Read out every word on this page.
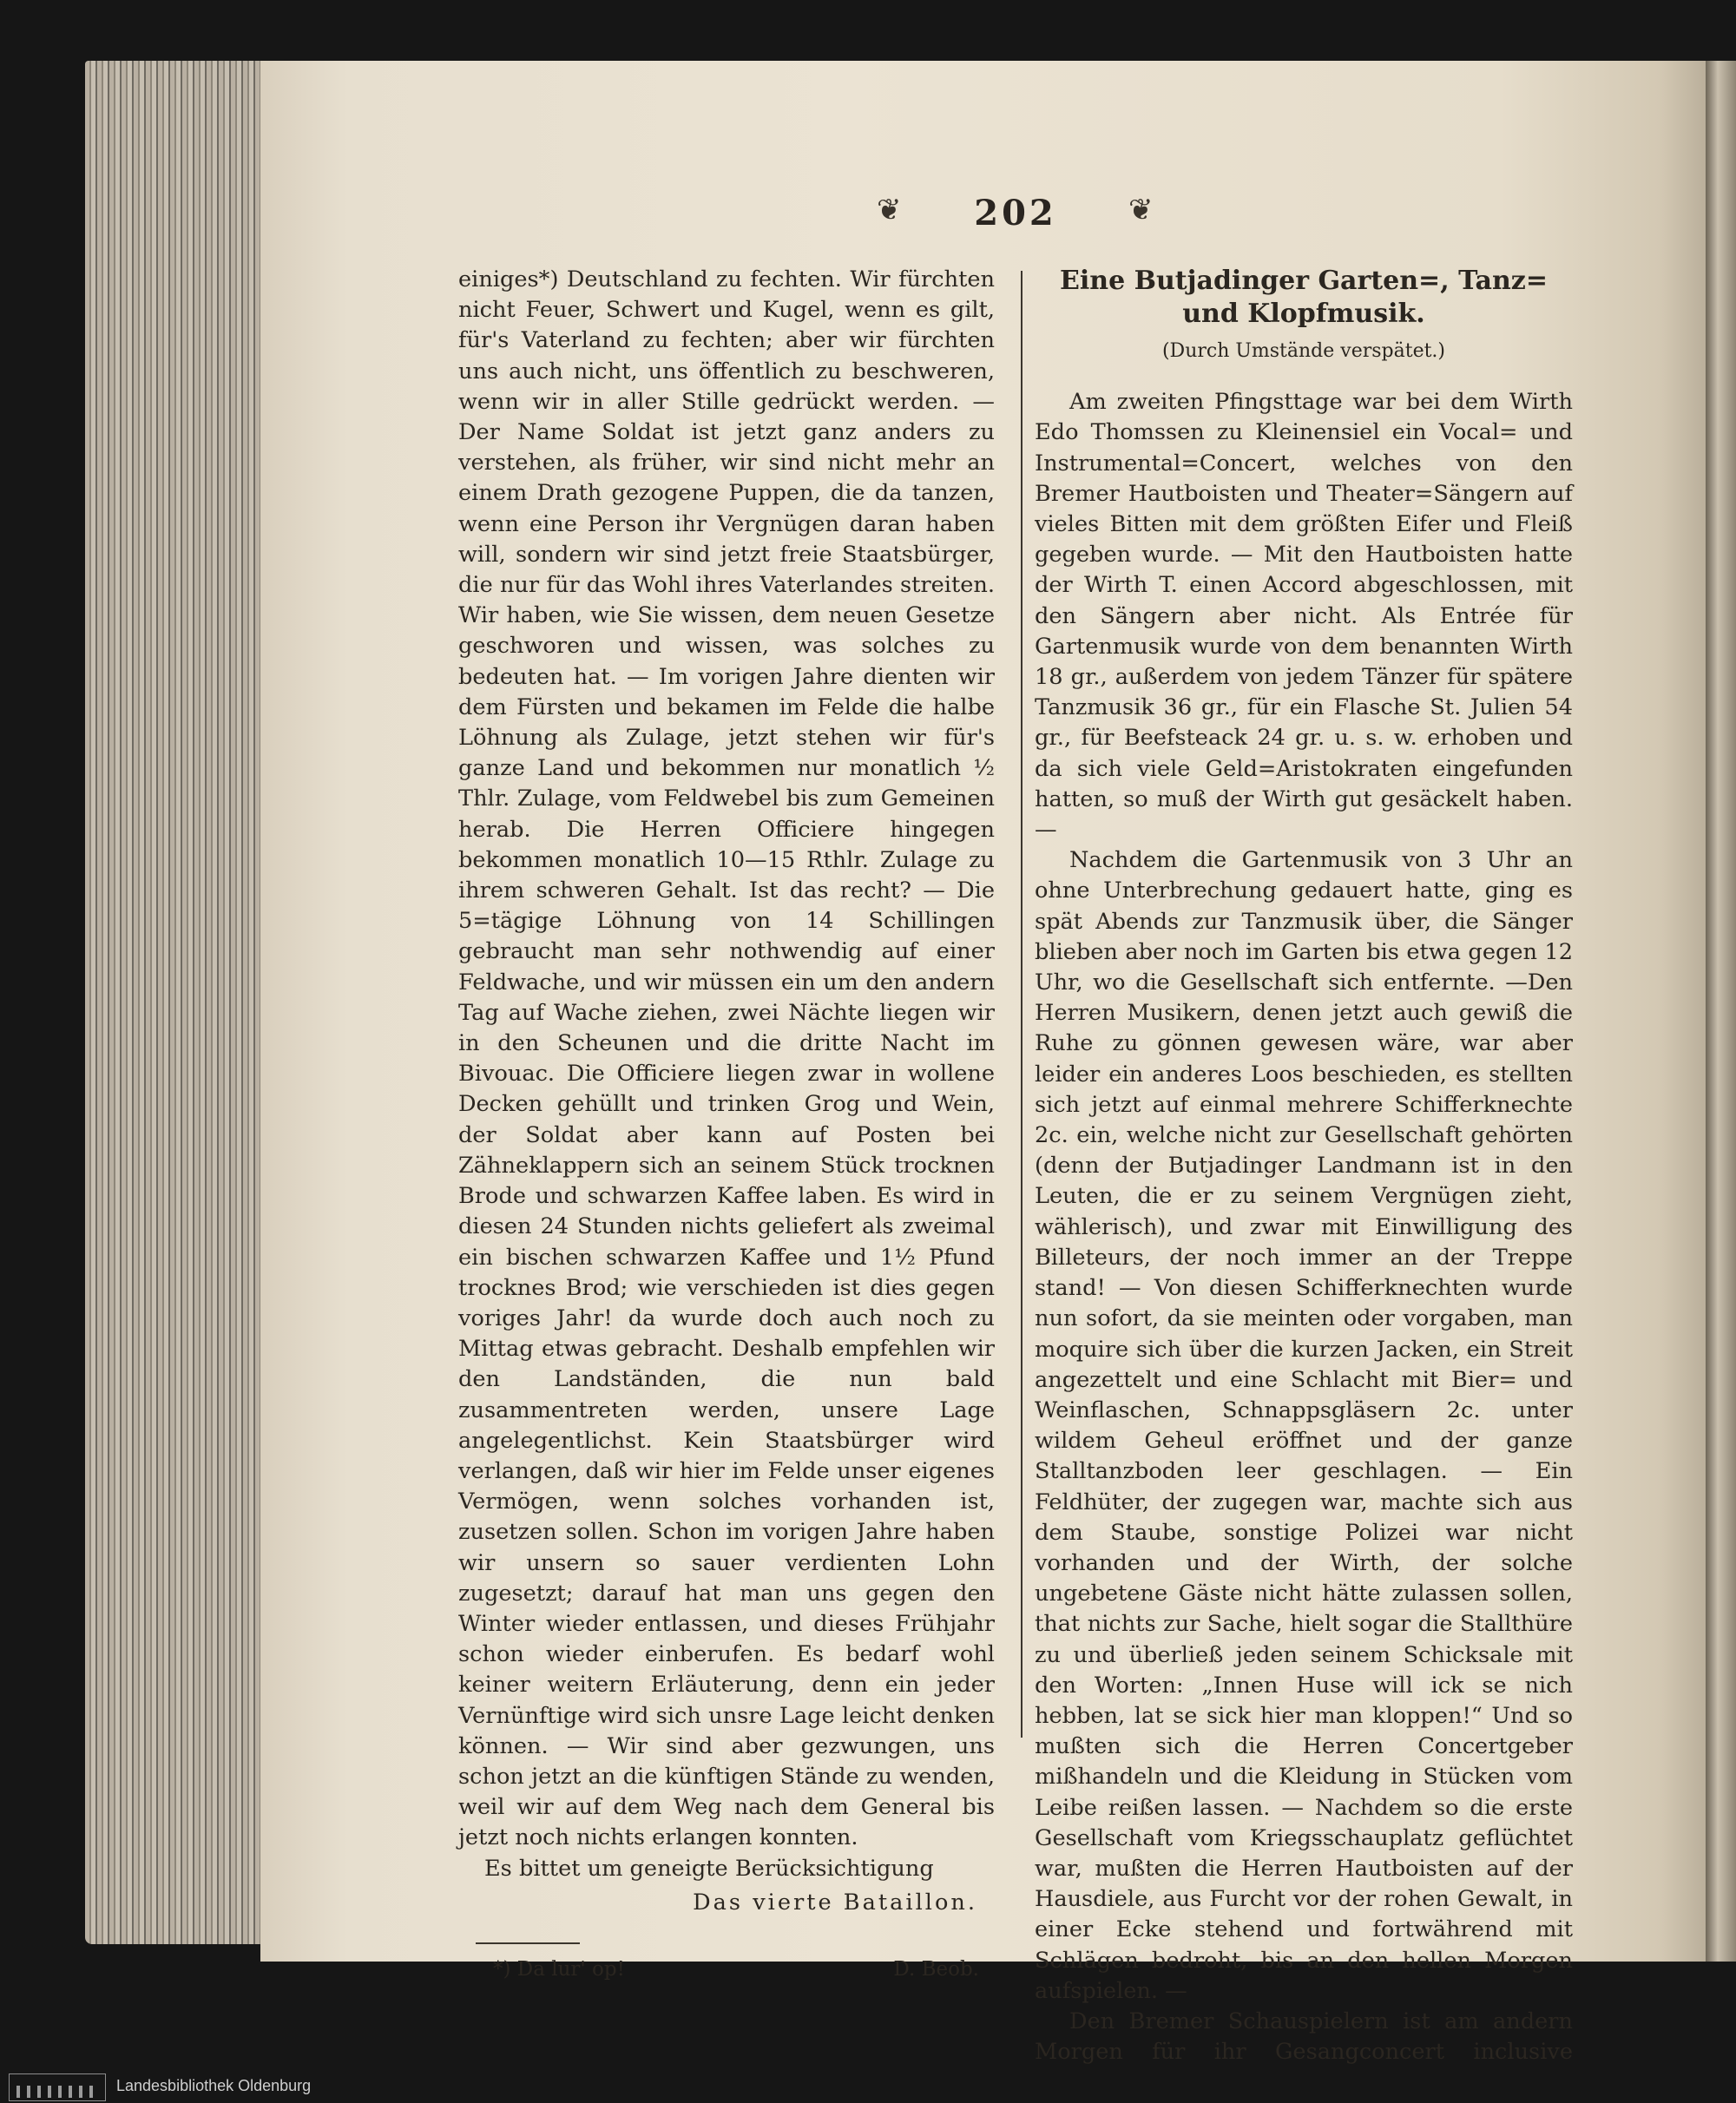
❦	202	❦

einiges*) Deutschland zu fechten. Wir fürchten nicht Feuer, Schwert und Kugel, wenn es gilt, für's Vaterland zu fechten; aber wir fürchten uns auch nicht, uns öffentlich zu beschweren, wenn wir in aller Stille gedrückt werden. — Der Name Soldat ist jetzt ganz anders zu verstehen, als früher, wir sind nicht mehr an einem Drath gezogene Puppen, die da tanzen, wenn eine Person ihr Vergnügen daran haben will, sondern wir sind jetzt freie Staatsbürger, die nur für das Wohl ihres Vaterlandes streiten. Wir haben, wie Sie wissen, dem neuen Gesetze geschworen und wissen, was solches zu bedeuten hat. — Im vorigen Jahre dienten wir dem Fürsten und bekamen im Felde die halbe Löhnung als Zulage, jetzt stehen wir für's ganze Land und bekommen nur monatlich ½ Thlr. Zulage, vom Feldwebel bis zum Gemeinen herab. Die Herren Officiere hingegen bekommen monatlich 10—15 Rthlr. Zulage zu ihrem schweren Gehalt. Ist das recht? — Die 5=tägige Löhnung von 14 Schillingen gebraucht man sehr nothwendig auf einer Feldwache, und wir müssen ein um den andern Tag auf Wache ziehen, zwei Nächte liegen wir in den Scheunen und die dritte Nacht im Bivouac. Die Officiere liegen zwar in wollene Decken gehüllt und trinken Grog und Wein, der Soldat aber kann auf Posten bei Zähneklappern sich an seinem Stück trocknen Brode und schwarzen Kaffee laben. Es wird in diesen 24 Stunden nichts geliefert als zweimal ein bischen schwarzen Kaffee und 1½ Pfund trocknes Brod; wie verschieden ist dies gegen voriges Jahr! da wurde doch auch noch zu Mittag etwas gebracht. Deshalb empfehlen wir den Landständen, die nun bald zusammentreten werden, unsere Lage angelegentlichst. Kein Staatsbürger wird verlangen, daß wir hier im Felde unser eigenes Vermögen, wenn solches vorhanden ist, zusetzen sollen. Schon im vorigen Jahre haben wir unsern so sauer verdienten Lohn zugesetzt; darauf hat man uns gegen den Winter wieder entlassen, und dieses Frühjahr schon wieder einberufen. Es bedarf wohl keiner weitern Erläuterung, denn ein jeder Vernünftige wird sich unsre Lage leicht denken können. — Wir sind aber gezwungen, uns schon jetzt an die künftigen Stände zu wenden, weil wir auf dem Weg nach dem General bis jetzt noch nichts erlangen konnten.

Es bittet um geneigte Berücksichtigung

Das vierte Bataillon.
*) Da lur' op!	D. Beob.
Eine Butjadinger Garten=, Tanz= und Klopfmusik.
(Durch Umstände verspätet.)

Am zweiten Pfingsttage war bei dem Wirth Edo Thomssen zu Kleinensiel ein Vocal= und Instrumental=Concert, welches von den Bremer Hautboisten und Theater=Sängern auf vieles Bitten mit dem größten Eifer und Fleiß gegeben wurde. — Mit den Hautboisten hatte der Wirth T. einen Accord abgeschlossen, mit den Sängern aber nicht. Als Entrée für Gartenmusik wurde von dem benannten Wirth 18 gr., außerdem von jedem Tänzer für spätere Tanzmusik 36 gr., für ein Flasche St. Julien 54 gr., für Beefsteack 24 gr. u. s. w. erhoben und da sich viele Geld=Aristokraten eingefunden hatten, so muß der Wirth gut gesäckelt haben. —

Nachdem die Gartenmusik von 3 Uhr an ohne Unterbrechung gedauert hatte, ging es spät Abends zur Tanzmusik über, die Sänger blieben aber noch im Garten bis etwa gegen 12 Uhr, wo die Gesellschaft sich entfernte. —Den Herren Musikern, denen jetzt auch gewiß die Ruhe zu gönnen gewesen wäre, war aber leider ein anderes Loos beschieden, es stellten sich jetzt auf einmal mehrere Schifferknechte 2c. ein, welche nicht zur Gesellschaft gehörten (denn der Butjadinger Landmann ist in den Leuten, die er zu seinem Vergnügen zieht, wählerisch), und zwar mit Einwilligung des Billeteurs, der noch immer an der Treppe stand! — Von diesen Schifferknechten wurde nun sofort, da sie meinten oder vorgaben, man moquire sich über die kurzen Jacken, ein Streit angezettelt und eine Schlacht mit Bier= und Weinflaschen, Schnappsgläsern 2c. unter wildem Geheul eröffnet und der ganze Stalltanzboden leer geschlagen. — Ein Feldhüter, der zugegen war, machte sich aus dem Staube, sonstige Polizei war nicht vorhanden und der Wirth, der solche ungebetene Gäste nicht hätte zulassen sollen, that nichts zur Sache, hielt sogar die Stallthüre zu und überließ jeden seinem Schicksale mit den Worten: „Innen Huse will ick se nich hebben, lat se sick hier man kloppen!“ Und so mußten sich die Herren Concertgeber mißhandeln und die Kleidung in Stücken vom Leibe reißen lassen. — Nachdem so die erste Gesellschaft vom Kriegsschauplatz geflüchtet war, mußten die Herren Hautboisten auf der Hausdiele, aus Furcht vor der rohen Gewalt, in einer Ecke stehend und fortwährend mit Schlägen bedroht, bis an den hellen Morgen aufspielen. —

Den Bremer Schauspielern ist am andern Morgen für ihr Gesangconcert inclusive

Landesbibliothek Oldenburg
